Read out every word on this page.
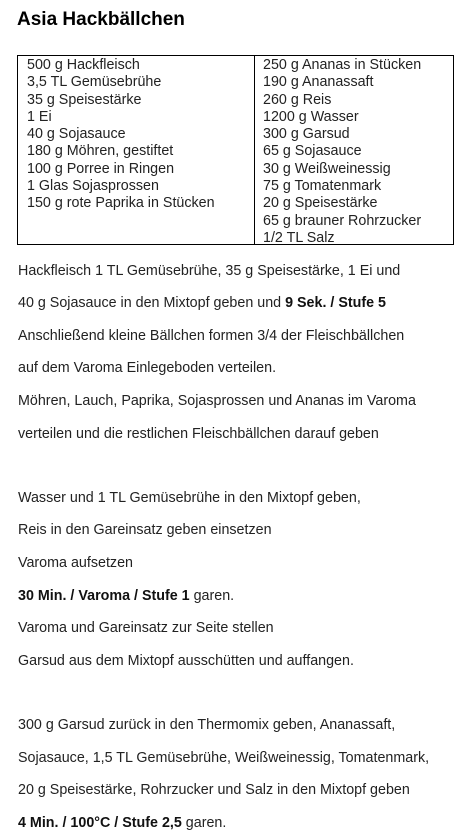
Asia Hackbällchen
500 g Hackfleisch
3,5 TL Gemüsebrühe
35 g Speisestärke
1 Ei
40 g Sojasauce
180 g Möhren, gestiftet
100 g Porree in Ringen
1 Glas Sojasprossen
150 g rote Paprika in Stücken
250 g Ananas in Stücken
190 g Ananassaft
260 g Reis
1200 g Wasser
300 g Garsud
65 g Sojasauce
30 g Weißweinessig
75 g Tomatenmark
20 g Speisestärke
65 g brauner Rohrzucker
1/2 TL Salz
Hackfleisch 1 TL Gemüsebrühe, 35 g Speisestärke, 1 Ei und
40 g Sojasauce in den Mixtopf geben und 9 Sek. / Stufe 5
Anschließend kleine Bällchen formen 3/4 der Fleischbällchen
auf dem Varoma Einlegeboden verteilen.
Möhren, Lauch, Paprika, Sojasprossen und Ananas im Varoma
verteilen und die restlichen Fleischbällchen darauf geben
Wasser und 1 TL Gemüsebrühe in den Mixtopf geben,
Reis in den Gareinsatz geben einsetzen
Varoma aufsetzen
30 Min. / Varoma / Stufe 1 garen.
Varoma und Gareinsatz zur Seite stellen
Garsud aus dem Mixtopf ausschütten und auffangen.
300 g Garsud zurück in den Thermomix geben, Ananassaft,
Sojasauce, 1,5 TL Gemüsebrühe, Weißweinessig, Tomatenmark,
20 g Speisestärke, Rohrzucker und Salz in den Mixtopf geben
4 Min. / 100°C / Stufe 2,5 garen.
